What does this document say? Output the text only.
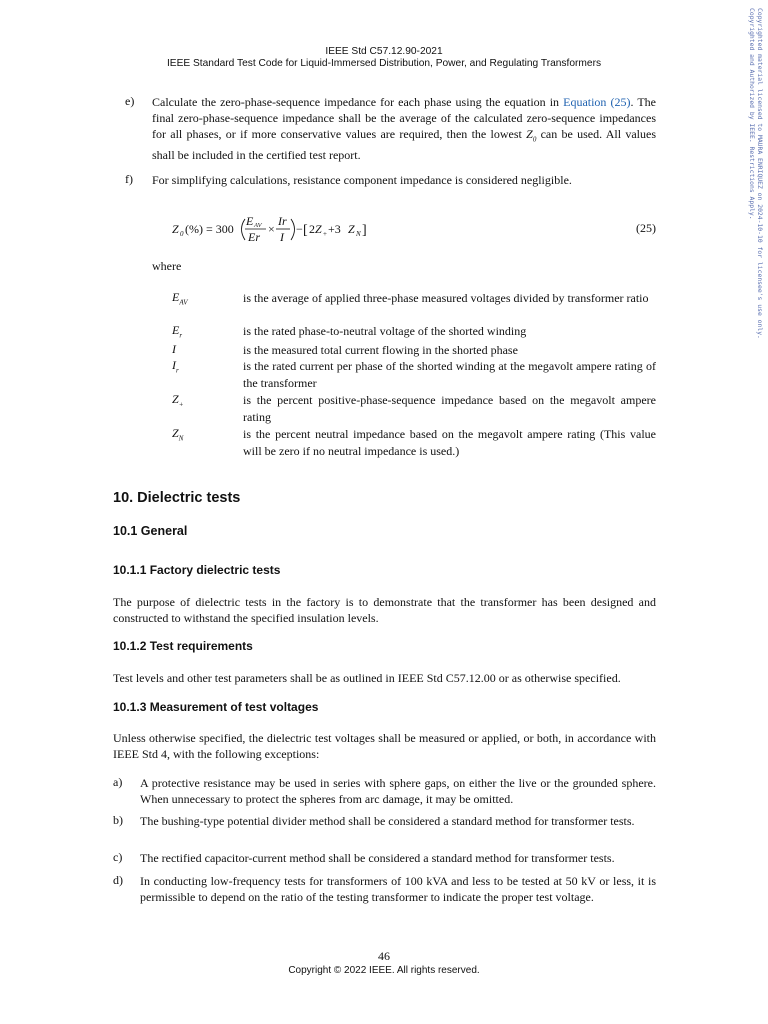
Copyrighted material licensed to MAURA ENRIQUEZ on 2024-10-10 for licensee's use only.
Copyrighted and Authorized by IEEE. Restrictions Apply.
IEEE Std C57.12.90-2021
IEEE Standard Test Code for Liquid-Immersed Distribution, Power, and Regulating Transformers
e) Calculate the zero-phase-sequence impedance for each phase using the equation in Equation (25). The final zero-phase-sequence impedance shall be the average of the calculated zero-sequence impedances for all phases, or if more conservative values are required, then the lowest $Z_0$ can be used. All values shall be included in the certified test report.
f) For simplifying calculations, resistance component impedance is considered negligible.
Z 0 (%) = 300
E AV
Er
×
Ir
I
− [ 2 Z + +3 Z N ]	(25)
where
$E_{AV}$	is the average of applied three-phase measured voltages divided by transformer ratio
$E_r$	is the rated phase-to-neutral voltage of the shorted winding
I	is the measured total current flowing in the shorted phase
$I_r$	is the rated current per phase of the shorted winding at the megavolt ampere rating of the transformer
$Z_+$	is the percent positive-phase-sequence impedance based on the megavolt ampere rating
$Z_N$	is the percent neutral impedance based on the megavolt ampere rating (This value will be zero if no neutral impedance is used.)
10. Dielectric tests
10.1 General
10.1.1 Factory dielectric tests
The purpose of dielectric tests in the factory is to demonstrate that the transformer has been designed and constructed to withstand the specified insulation levels.
10.1.2 Test requirements
Test levels and other test parameters shall be as outlined in IEEE Std C57.12.00 or as otherwise specified.
10.1.3 Measurement of test voltages
Unless otherwise specified, the dielectric test voltages shall be measured or applied, or both, in accordance with IEEE Std 4, with the following exceptions:
a) A protective resistance may be used in series with sphere gaps, on either the live or the grounded sphere. When unnecessary to protect the spheres from arc damage, it may be omitted.
b) The bushing-type potential divider method shall be considered a standard method for transformer tests.
c) The rectified capacitor-current method shall be considered a standard method for transformer tests.
d) In conducting low-frequency tests for transformers of 100 kVA and less to be tested at 50 kV or less, it is permissible to depend on the ratio of the testing transformer to indicate the proper test voltage.
46
Copyright © 2022 IEEE. All rights reserved.
